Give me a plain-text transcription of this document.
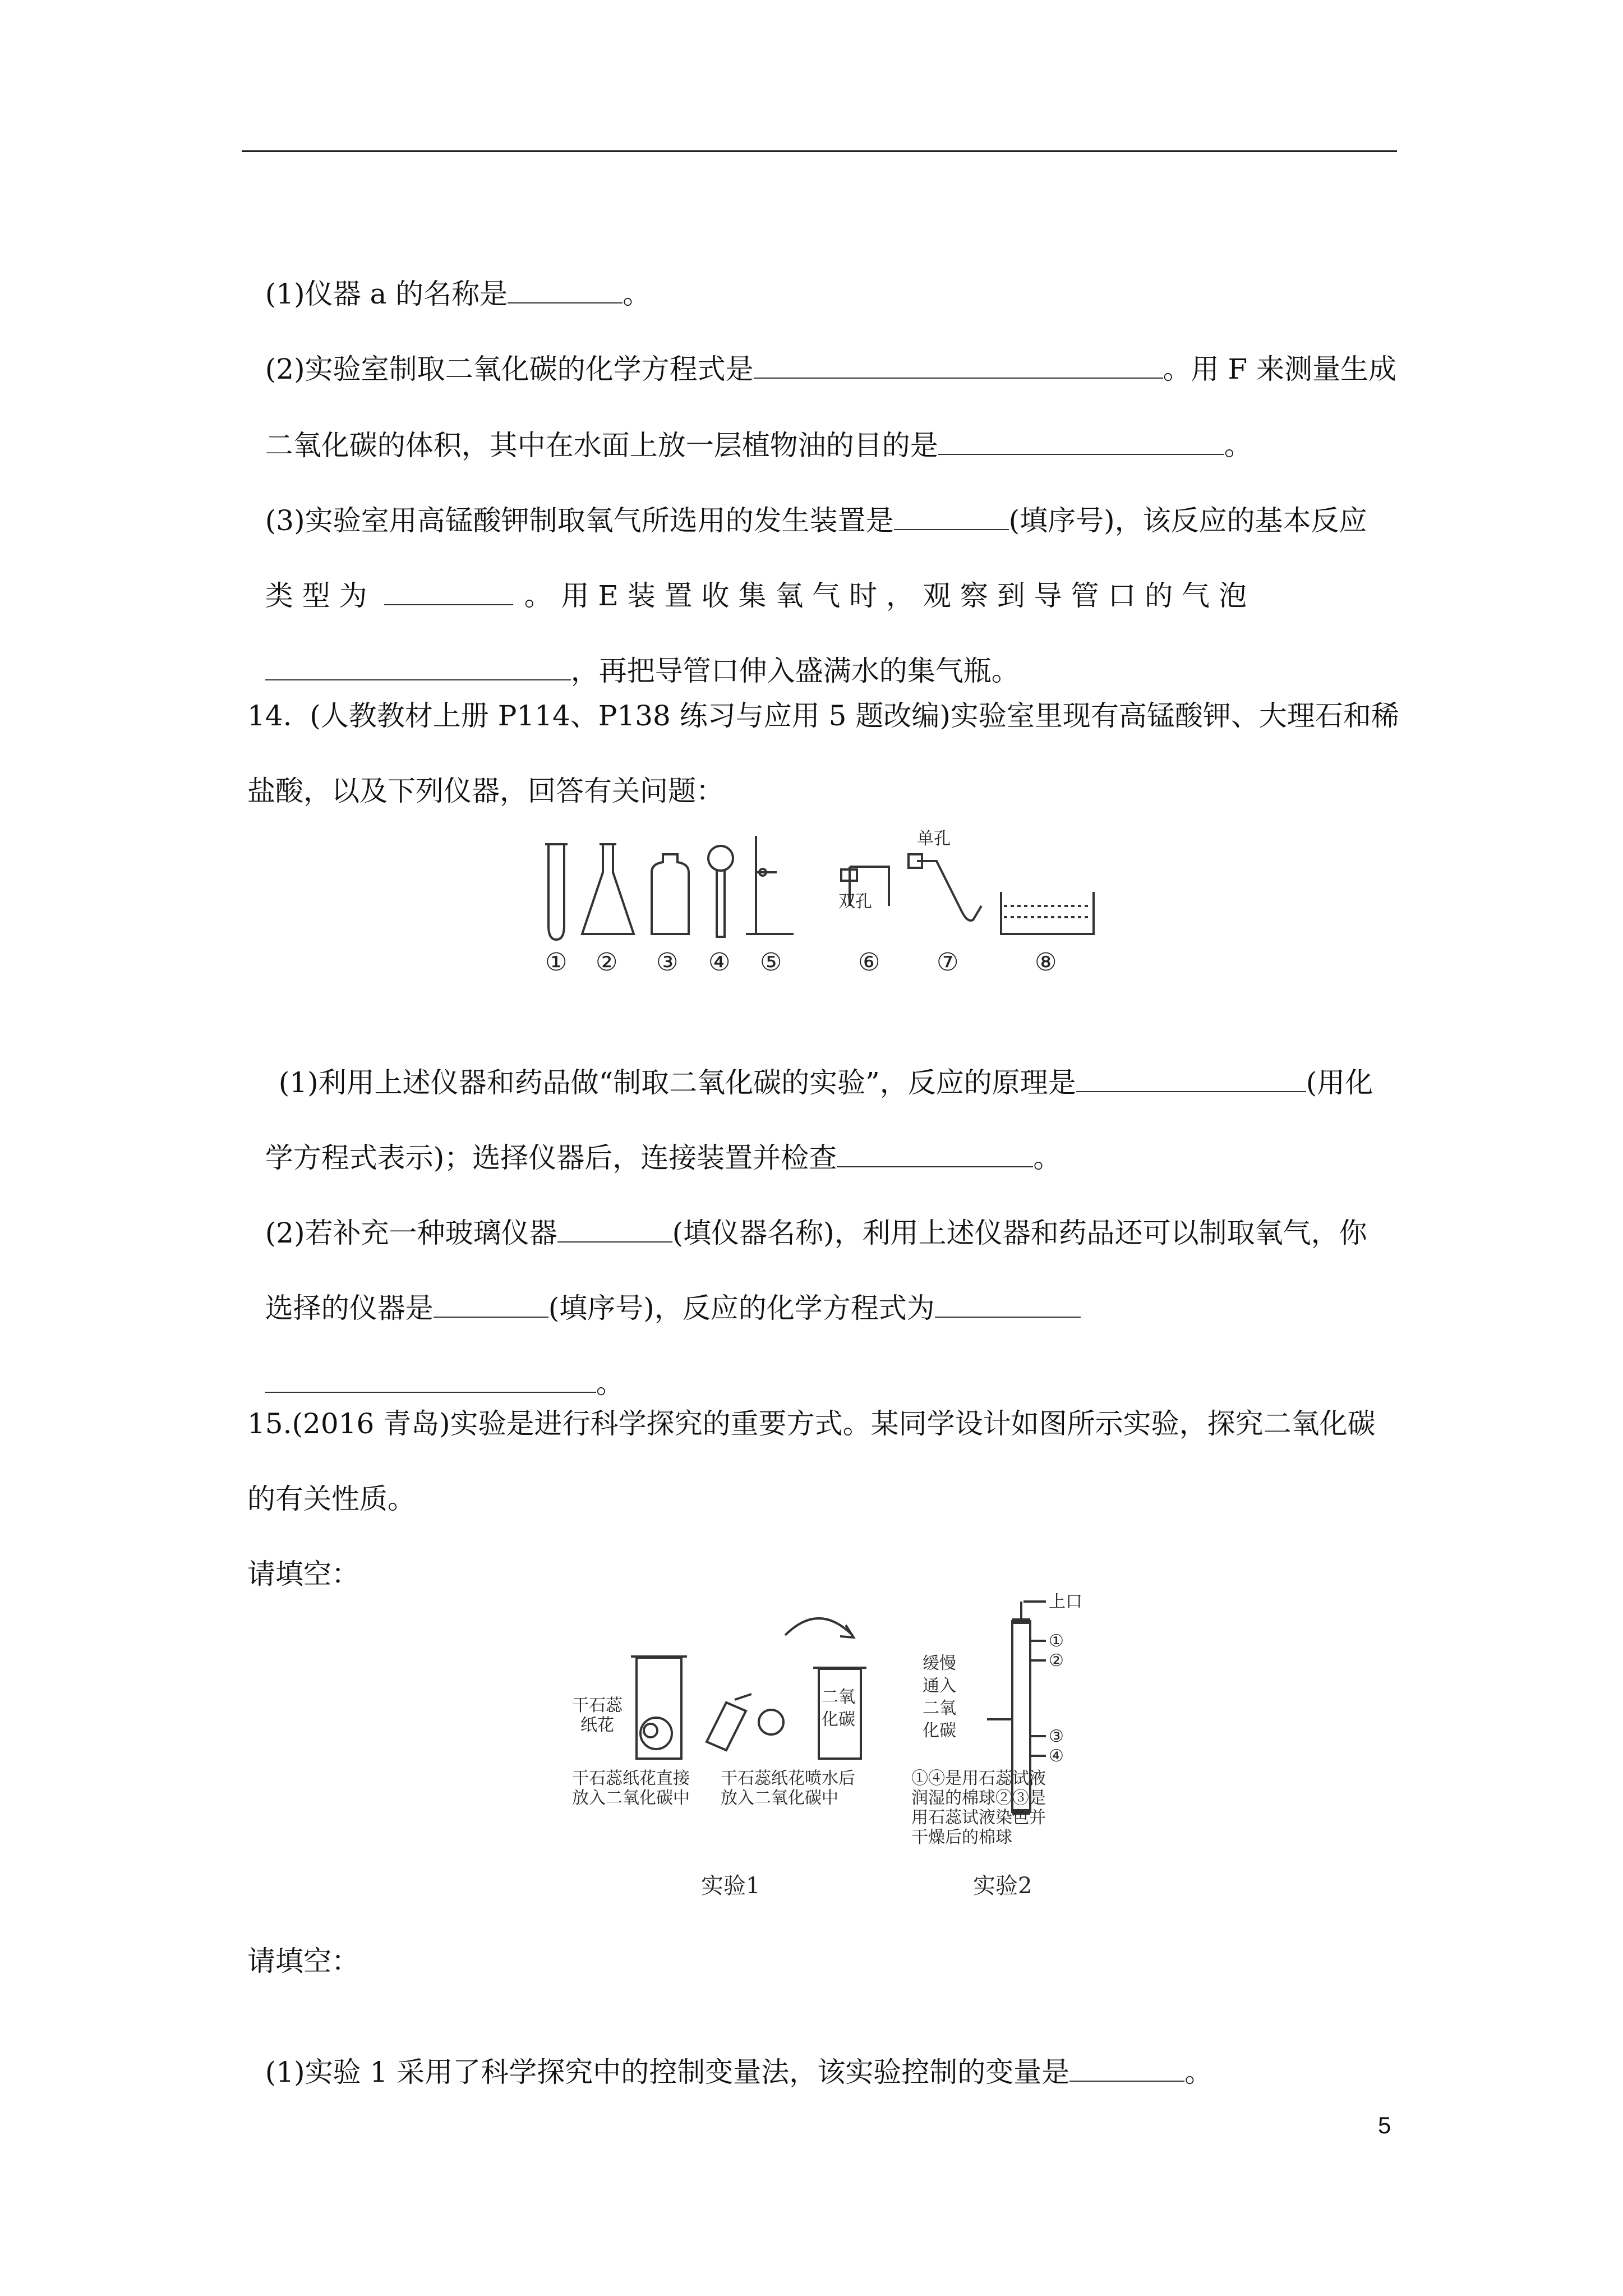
(1)仪器 a 的名称是	。

(2)实验室制取二氧化碳的化学方程式是	。用 F 来测量生成

二氧化碳的体积，其中在水面上放一层植物油的目的是	。

(3)实验室用高锰酸钾制取氧气所选用的发生装置是	(填序号)，该反应的基本反应

类 型 为	。 用 E 装 置 收 集 氧 气 时 ， 观 察 到 导 管 口 的 气 泡

，再把导管口伸入盛满水的集气瓶。

14.  (人教教材上册 P114、P138 练习与应用 5 题改编)实验室里现有高锰酸钾、大理石和稀
盐酸，以及下列仪器，回答有关问题：
双孔
单孔
① ② ③ ④ ⑤	⑥ ⑦	⑧

(1)利用上述仪器和药品做“制取二氧化碳的实验”，反应的原理是	(用化

学方程式表示)；选择仪器后，连接装置并检查	。

(2)若补充一种玻璃仪器	(填仪器名称)，利用上述仪器和药品还可以制取氧气，你

选择的仪器是	(填序号)，反应的化学方程式为

。

15.(2016 青岛)实验是进行科学探究的重要方式。某同学设计如图所示实验，探究二氧化碳
的有关性质。
请填空：
干石蕊
纸花
二氧
化碳
干石蕊纸花直接
放入二氧化碳中
干石蕊纸花喷水后
放入二氧化碳中
上口
缓慢
通入
二氧
化碳
①
②
③
④
①④是用石蕊试液
润湿的棉球②③是
用石蕊试液染色并
干燥后的棉球
实验1	实验2
请填空：

(1)实验 1 采用了科学探究中的控制变量法，该实验控制的变量是	。

5
